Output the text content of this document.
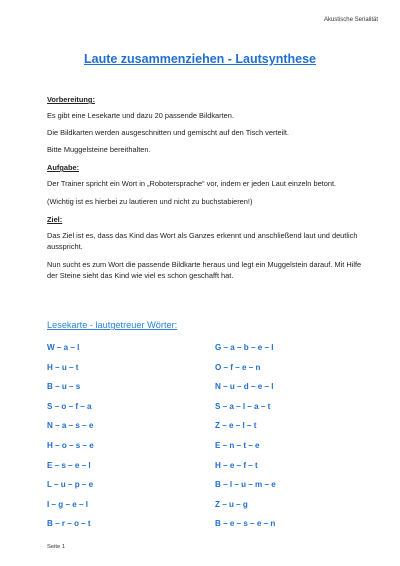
Akustische Serialität
Laute zusammenziehen - Lautsynthese
Vorbereitung:
Es gibt eine Lesekarte und dazu 20 passende Bildkarten.
Die Bildkarten werden ausgeschnitten und gemischt auf den Tisch verteilt.
Bitte Muggelsteine bereithalten.
Aufgabe:
Der Trainer spricht ein Wort in „Robotersprache“ vor, indem er jeden Laut einzeln betont.
(Wichtig ist es hierbei zu lautieren und nicht zu buchstabieren!)
Ziel:
Das Ziel ist es, dass das Kind das Wort als Ganzes erkennt und anschließend laut und deutlich ausspricht.
Nun sucht es zum Wort die passende Bildkarte heraus und legt ein Muggelstein darauf. Mit Hilfe der Steine sieht das Kind wie viel es schon geschafft hat.
Lesekarte - lautgetreuer Wörter:
W – a – l	G – a – b – e – l
H – u – t	O – f – e – n
B – u – s	N – u – d – e – l
S – o – f – a	S – a – l – a – t
N – a – s – e	Z – e – l – t
H – o – s – e	E – n – t – e
E – s – e – l	H – e – f – t
L – u – p – e	B – l – u – m – e
I – g – e – l	Z – u – g
B – r – o – t	B – e – s – e – n
Seite 1
